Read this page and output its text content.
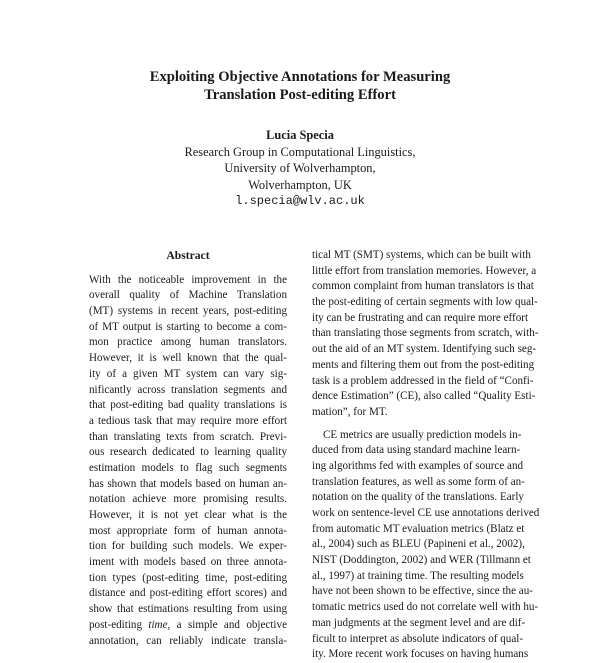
Exploiting Objective Annotations for Measuring
Translation Post-editing Effort
Lucia Specia
Research Group in Computational Linguistics,
University of Wolverhampton,
Wolverhampton, UK
l.specia@wlv.ac.uk
Abstract
With the noticeable improvement in the
overall quality of Machine Translation
(MT) systems in recent years, post-editing
of MT output is starting to become a com-
mon practice among human translators.
However, it is well known that the qual-
ity of a given MT system can vary sig-
nificantly across translation segments and
that post-editing bad quality translations is
a tedious task that may require more effort
than translating texts from scratch. Previ-
ous research dedicated to learning quality
estimation models to flag such segments
has shown that models based on human an-
notation achieve more promising results.
However, it is not yet clear what is the
most appropriate form of human annota-
tion for building such models. We exper-
iment with models based on three annota-
tion types (post-editing time, post-editing
distance and post-editing effort scores) and
show that estimations resulting from using
post-editing time, a simple and objective
annotation, can reliably indicate transla-
tical MT (SMT) systems, which can be built with
little effort from translation memories. However, a
common complaint from human translators is that
the post-editing of certain segments with low qual-
ity can be frustrating and can require more effort
than translating those segments from scratch, with-
out the aid of an MT system. Identifying such seg-
ments and filtering them out from the post-editing
task is a problem addressed in the field of “Confi-
dence Estimation” (CE), also called “Quality Esti-
mation”, for MT.
CE metrics are usually prediction models in-
duced from data using standard machine learn-
ing algorithms fed with examples of source and
translation features, as well as some form of an-
notation on the quality of the translations. Early
work on sentence-level CE use annotations derived
from automatic MT evaluation metrics (Blatz et
al., 2004) such as BLEU (Papineni et al., 2002),
NIST (Doddington, 2002) and WER (Tillmann et
al., 1997) at training time. The resulting models
have not been shown to be effective, since the au-
tomatic metrics used do not correlate well with hu-
man judgments at the segment level and are dif-
ficult to interpret as absolute indicators of qual-
ity. More recent work focuses on having humans
